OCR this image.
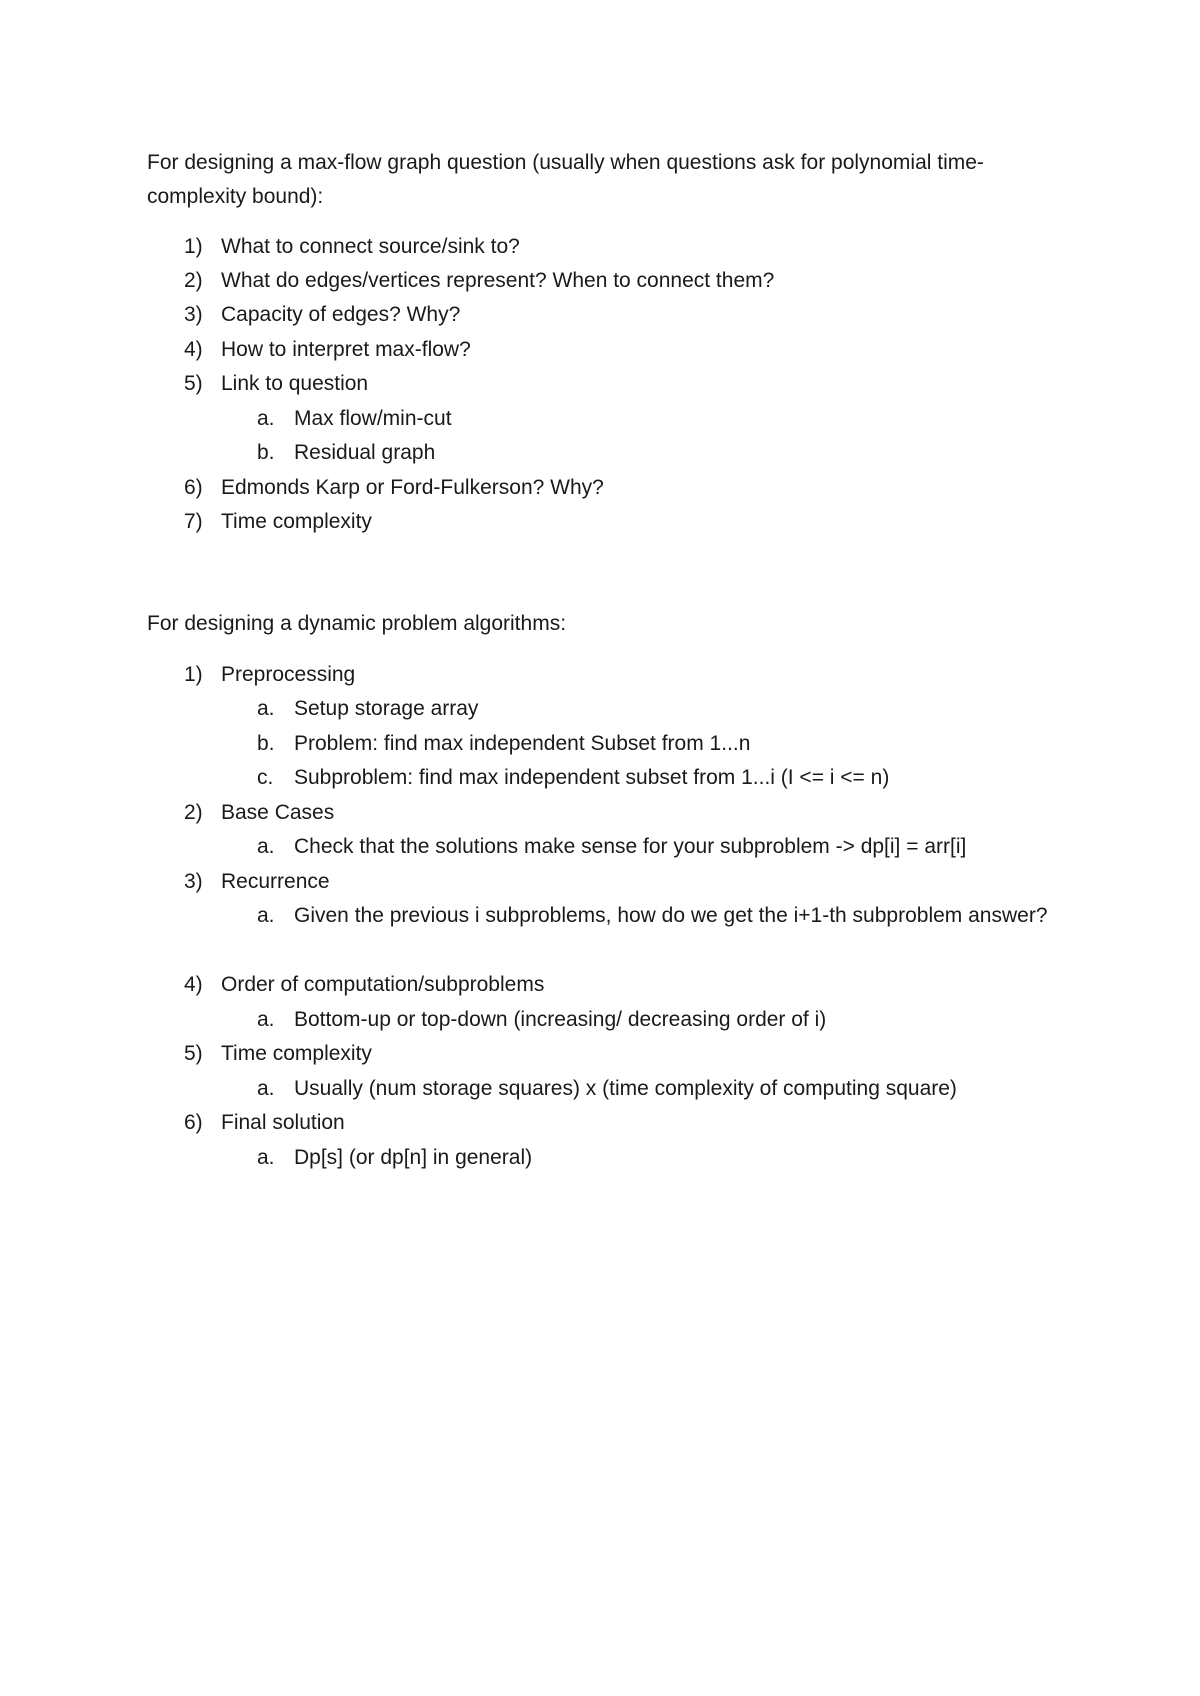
For designing a max-flow graph question (usually when questions ask for polynomial time-complexity bound):

1) What to connect source/sink to?
2) What do edges/vertices represent? When to connect them?
3) Capacity of edges? Why?
4) How to interpret max-flow?
5) Link to question
a. Max flow/min-cut
b. Residual graph
6) Edmonds Karp or Ford-Fulkerson? Why?
7) Time complexity

For designing a dynamic problem algorithms:

1) Preprocessing
a. Setup storage array
b. Problem: find max independent Subset from 1...n
c. Subproblem: find max independent subset from 1...i (I <= i <= n)
2) Base Cases
a. Check that the solutions make sense for your subproblem -> dp[i] = arr[i]
3) Recurrence
a. Given the previous i subproblems, how do we get the i+1-th subproblem answer?
4) Order of computation/subproblems
a. Bottom-up or top-down (increasing/ decreasing order of i)
5) Time complexity
a. Usually (num storage squares) x (time complexity of computing square)
6) Final solution
a. Dp[s] (or dp[n] in general)
